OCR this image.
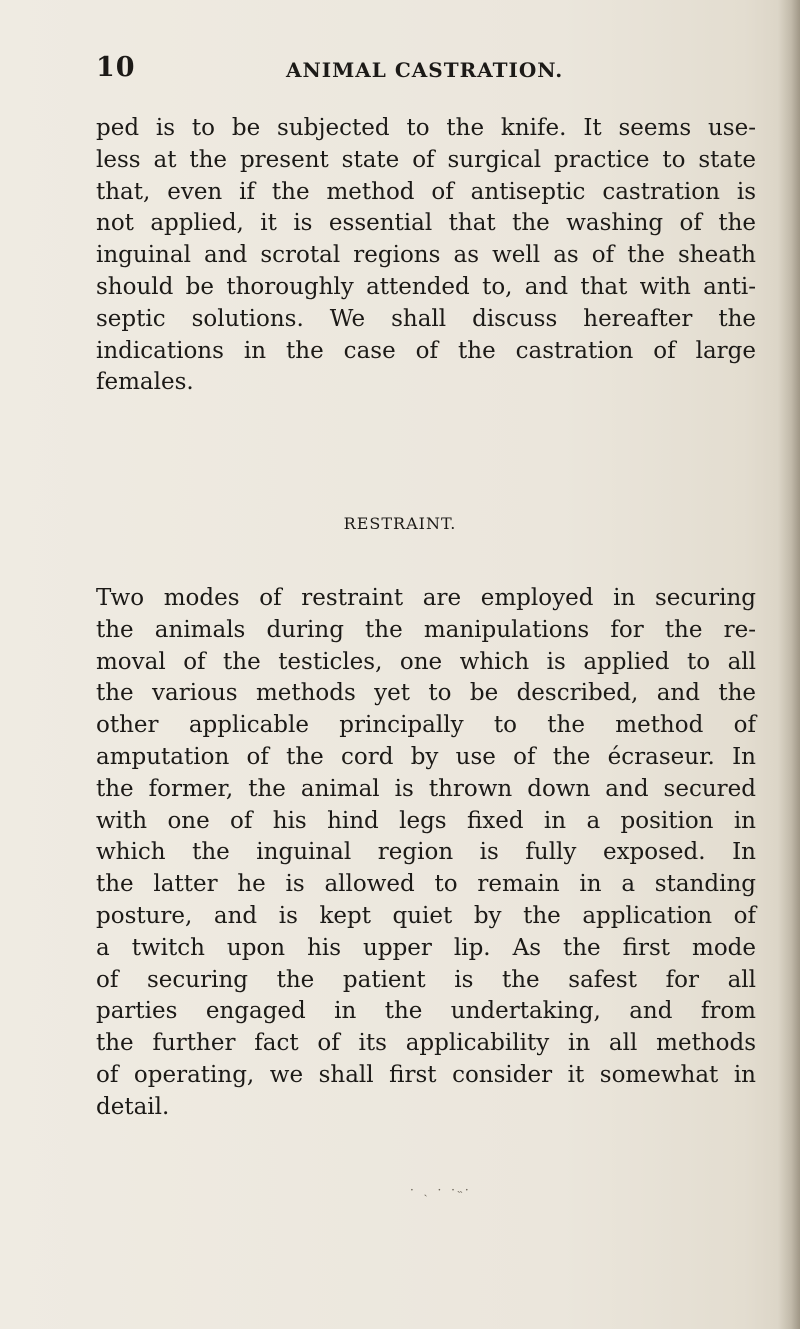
10	ANIMAL CASTRATION.

ped is to be subjected to the knife. It seems use-
less at the present state of surgical practice to state
that, even if the method of antiseptic castration is
not applied, it is essential that the washing of the
inguinal and scrotal regions as well as of the sheath
should be thoroughly attended to, and that with anti-
septic solutions. We shall discuss hereafter the
indications in the case of the castration of large
females.

RESTRAINT.

Two modes of restraint are employed in securing
the animals during the manipulations for the re-
moval of the testicles, one which is applied to all
the various methods yet to be described, and the
other applicable principally to the method of
amputation of the cord by use of the écraseur. In
the former, the animal is thrown down and secured
with one of his hind legs fixed in a position in
which the inguinal region is fully exposed. In
the latter he is allowed to remain in a standing
posture, and is kept quiet by the application of
a twitch upon his upper lip. As the first mode
of securing the patient is the safest for all
parties engaged in the undertaking, and from
the further fact of its applicability in all methods
of operating, we shall first consider it somewhat in
detail.

· ˏ · ·˵·
